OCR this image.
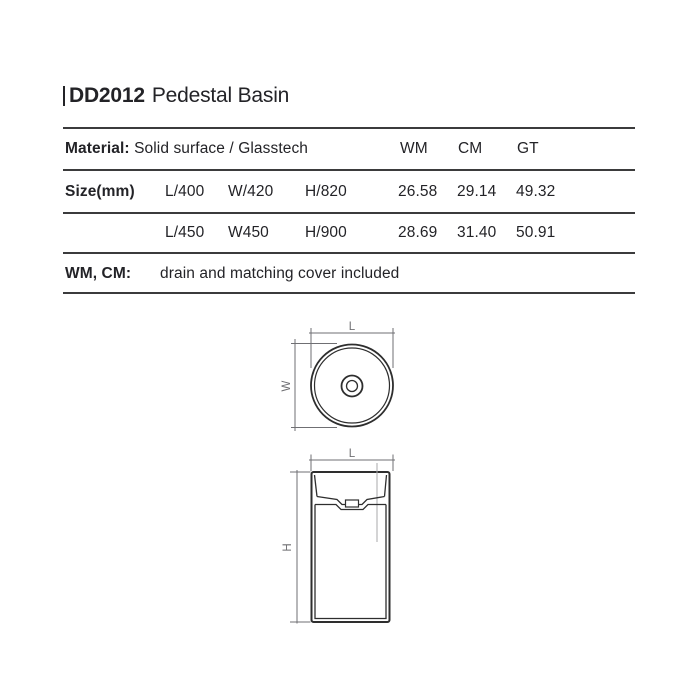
DD2012 Pedestal Basin
Material: Solid surface / Glasstech	WM CM GT
Size(mm) L/400 W/420 H/820	26.58 29.14 49.32
L/450 W450 H/900	28.69 31.40 50.91
WM, CM: drain and matching cover included
L
W
L
H
